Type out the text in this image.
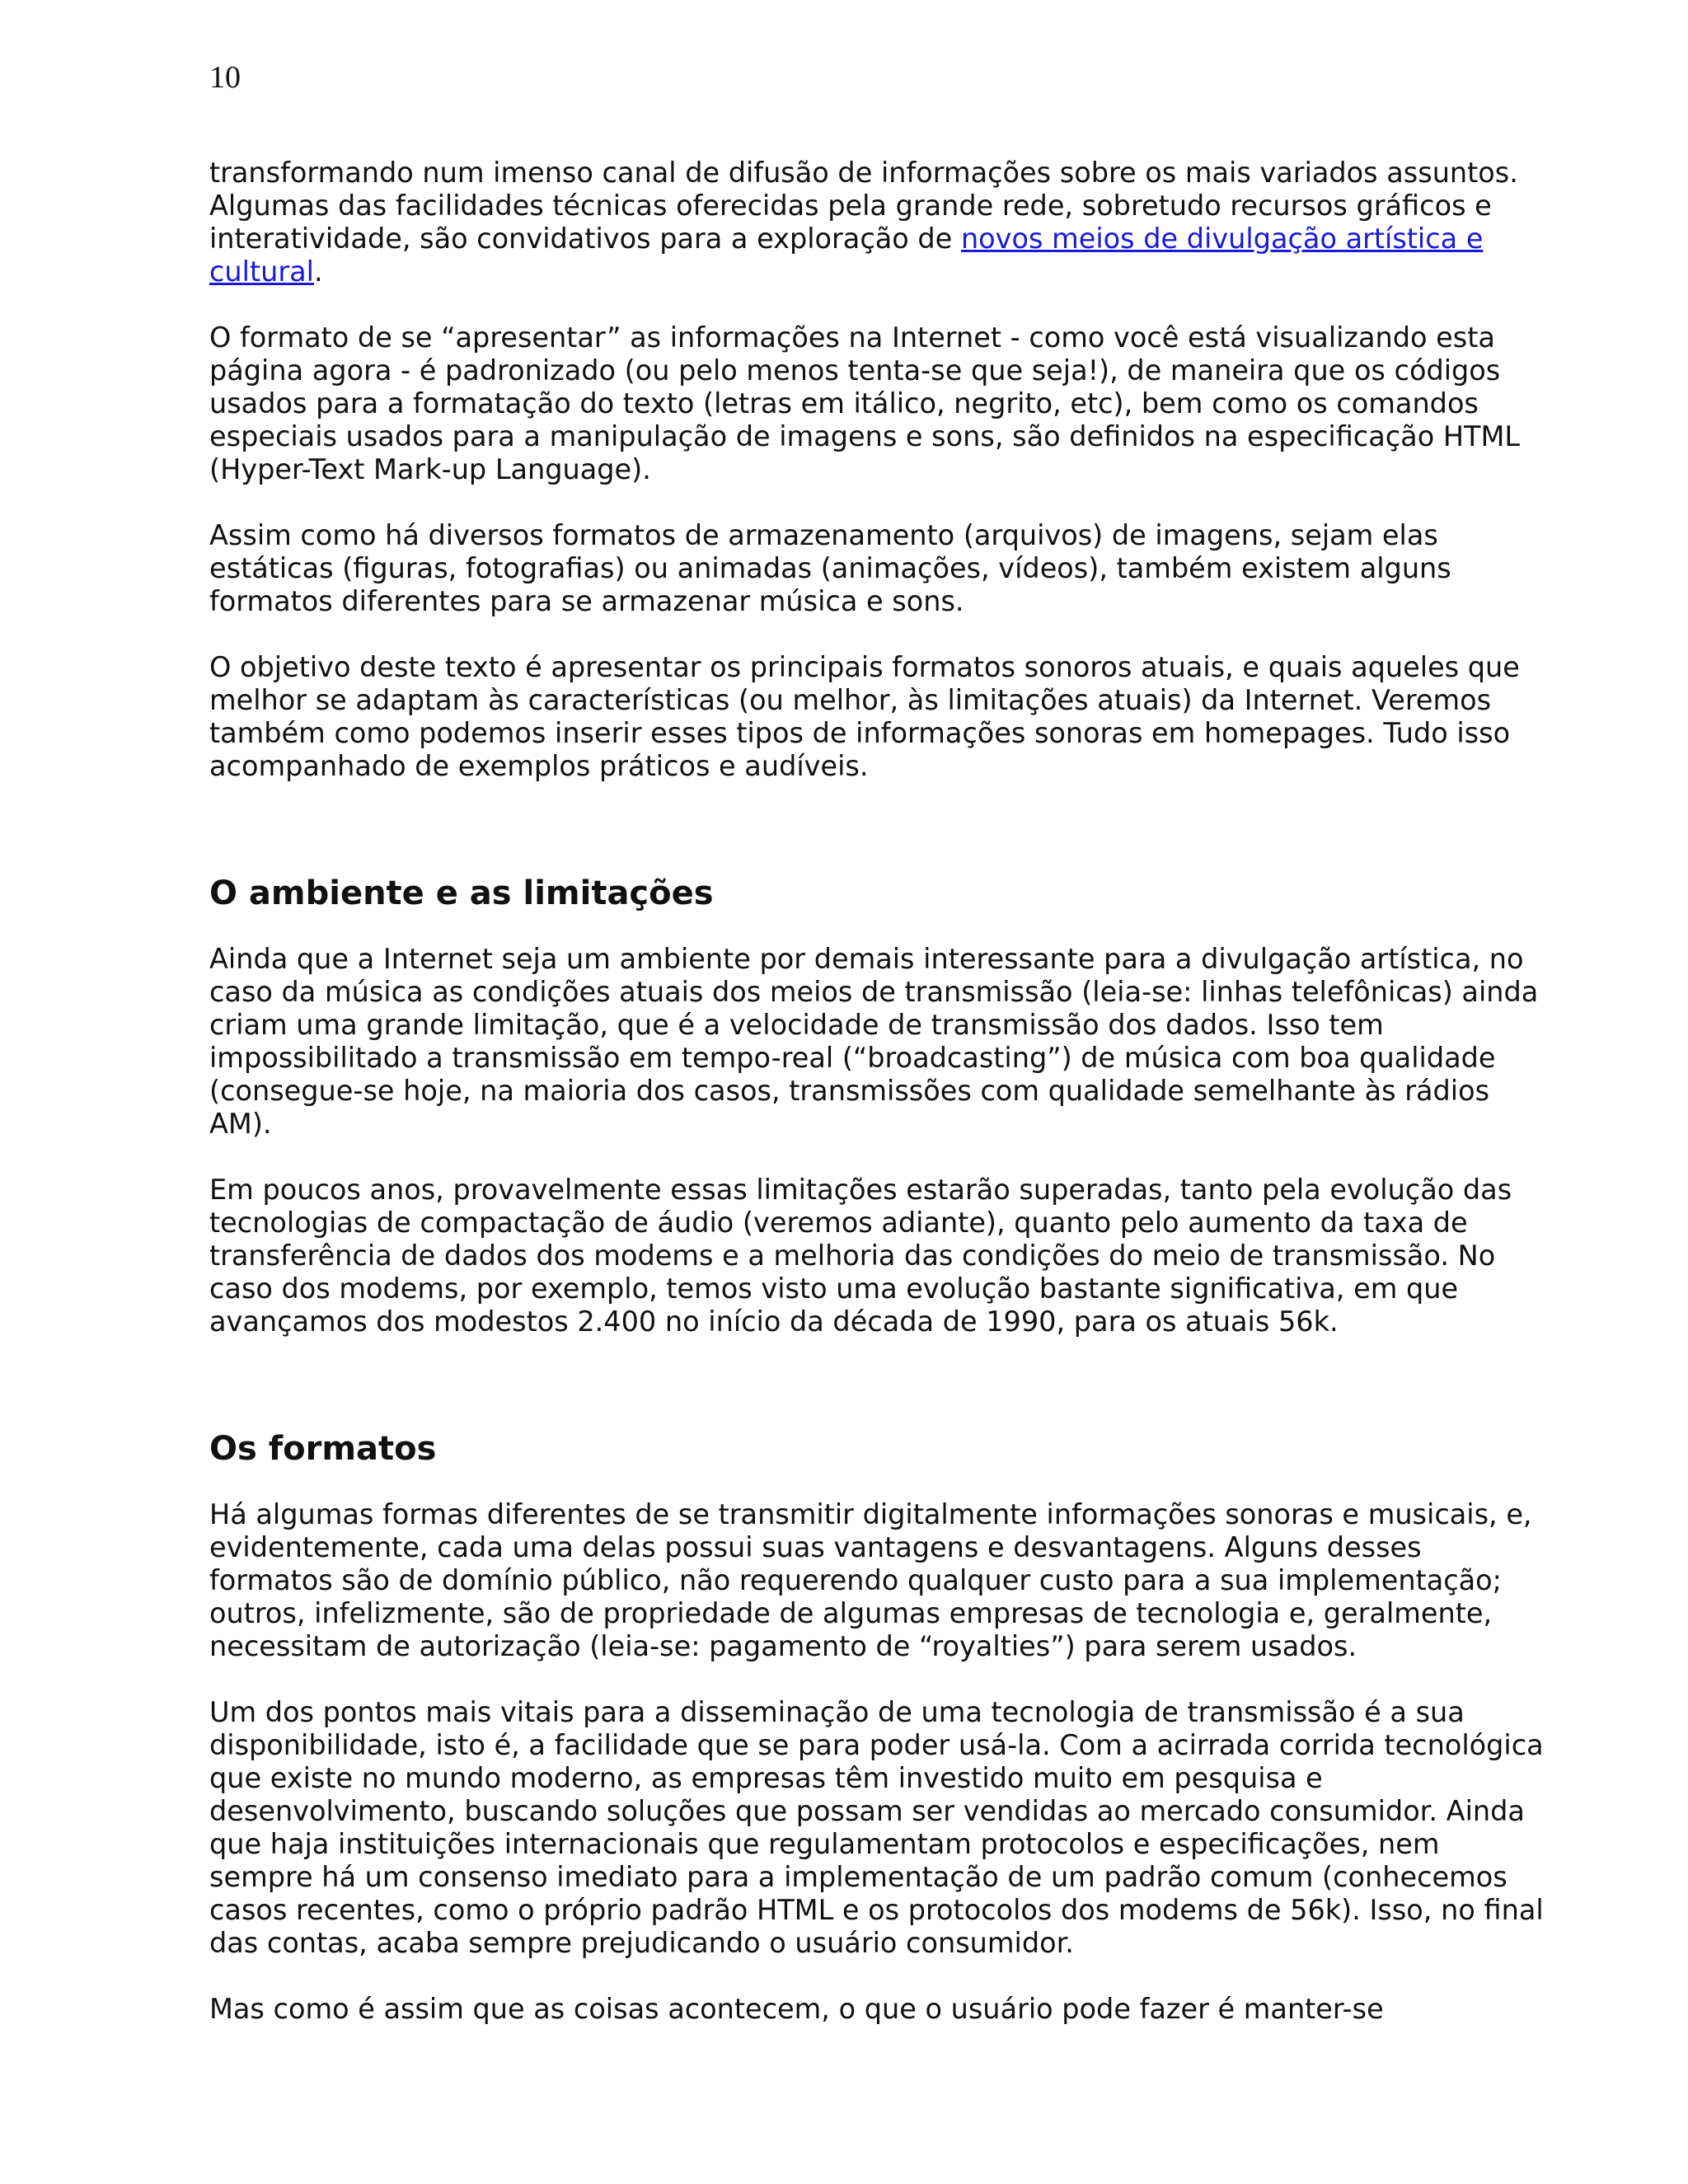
10

transformando num imenso canal de difusão de informações sobre os mais variados assuntos. Algumas das facilidades técnicas oferecidas pela grande rede, sobretudo recursos gráficos e interatividade, são convidativos para a exploração de novos meios de divulgação artística e cultural.

O formato de se “apresentar” as informações na Internet - como você está visualizando esta página agora - é padronizado (ou pelo menos tenta-se que seja!), de maneira que os códigos usados para a formatação do texto (letras em itálico, negrito, etc), bem como os comandos especiais usados para a manipulação de imagens e sons, são definidos na especificação HTML (Hyper-Text Mark-up Language).

Assim como há diversos formatos de armazenamento (arquivos) de imagens, sejam elas estáticas (figuras, fotografias) ou animadas (animações, vídeos), também existem alguns formatos diferentes para se armazenar música e sons.

O objetivo deste texto é apresentar os principais formatos sonoros atuais, e quais aqueles que melhor se adaptam às características (ou melhor, às limitações atuais) da Internet. Veremos também como podemos inserir esses tipos de informações sonoras em homepages. Tudo isso acompanhado de exemplos práticos e audíveis.

O ambiente e as limitações

Ainda que a Internet seja um ambiente por demais interessante para a divulgação artística, no caso da música as condições atuais dos meios de transmissão (leia-se: linhas telefônicas) ainda criam uma grande limitação, que é a velocidade de transmissão dos dados. Isso tem impossibilitado a transmissão em tempo-real (“broadcasting”) de música com boa qualidade (consegue-se hoje, na maioria dos casos, transmissões com qualidade semelhante às rádios AM).

Em poucos anos, provavelmente essas limitações estarão superadas, tanto pela evolução das tecnologias de compactação de áudio (veremos adiante), quanto pelo aumento da taxa de transferência de dados dos modems e a melhoria das condições do meio de transmissão. No caso dos modems, por exemplo, temos visto uma evolução bastante significativa, em que avançamos dos modestos 2.400 no início da década de 1990, para os atuais 56k.

Os formatos

Há algumas formas diferentes de se transmitir digitalmente informações sonoras e musicais, e, evidentemente, cada uma delas possui suas vantagens e desvantagens. Alguns desses formatos são de domínio público, não requerendo qualquer custo para a sua implementação; outros, infelizmente, são de propriedade de algumas empresas de tecnologia e, geralmente, necessitam de autorização (leia-se: pagamento de “royalties”) para serem usados.

Um dos pontos mais vitais para a disseminação de uma tecnologia de transmissão é a sua disponibilidade, isto é, a facilidade que se para poder usá-la. Com a acirrada corrida tecnológica que existe no mundo moderno, as empresas têm investido muito em pesquisa e desenvolvimento, buscando soluções que possam ser vendidas ao mercado consumidor. Ainda que haja instituições internacionais que regulamentam protocolos e especificações, nem sempre há um consenso imediato para a implementação de um padrão comum (conhecemos casos recentes, como o próprio padrão HTML e os protocolos dos modems de 56k). Isso, no final das contas, acaba sempre prejudicando o usuário consumidor.

Mas como é assim que as coisas acontecem, o que o usuário pode fazer é manter-se
